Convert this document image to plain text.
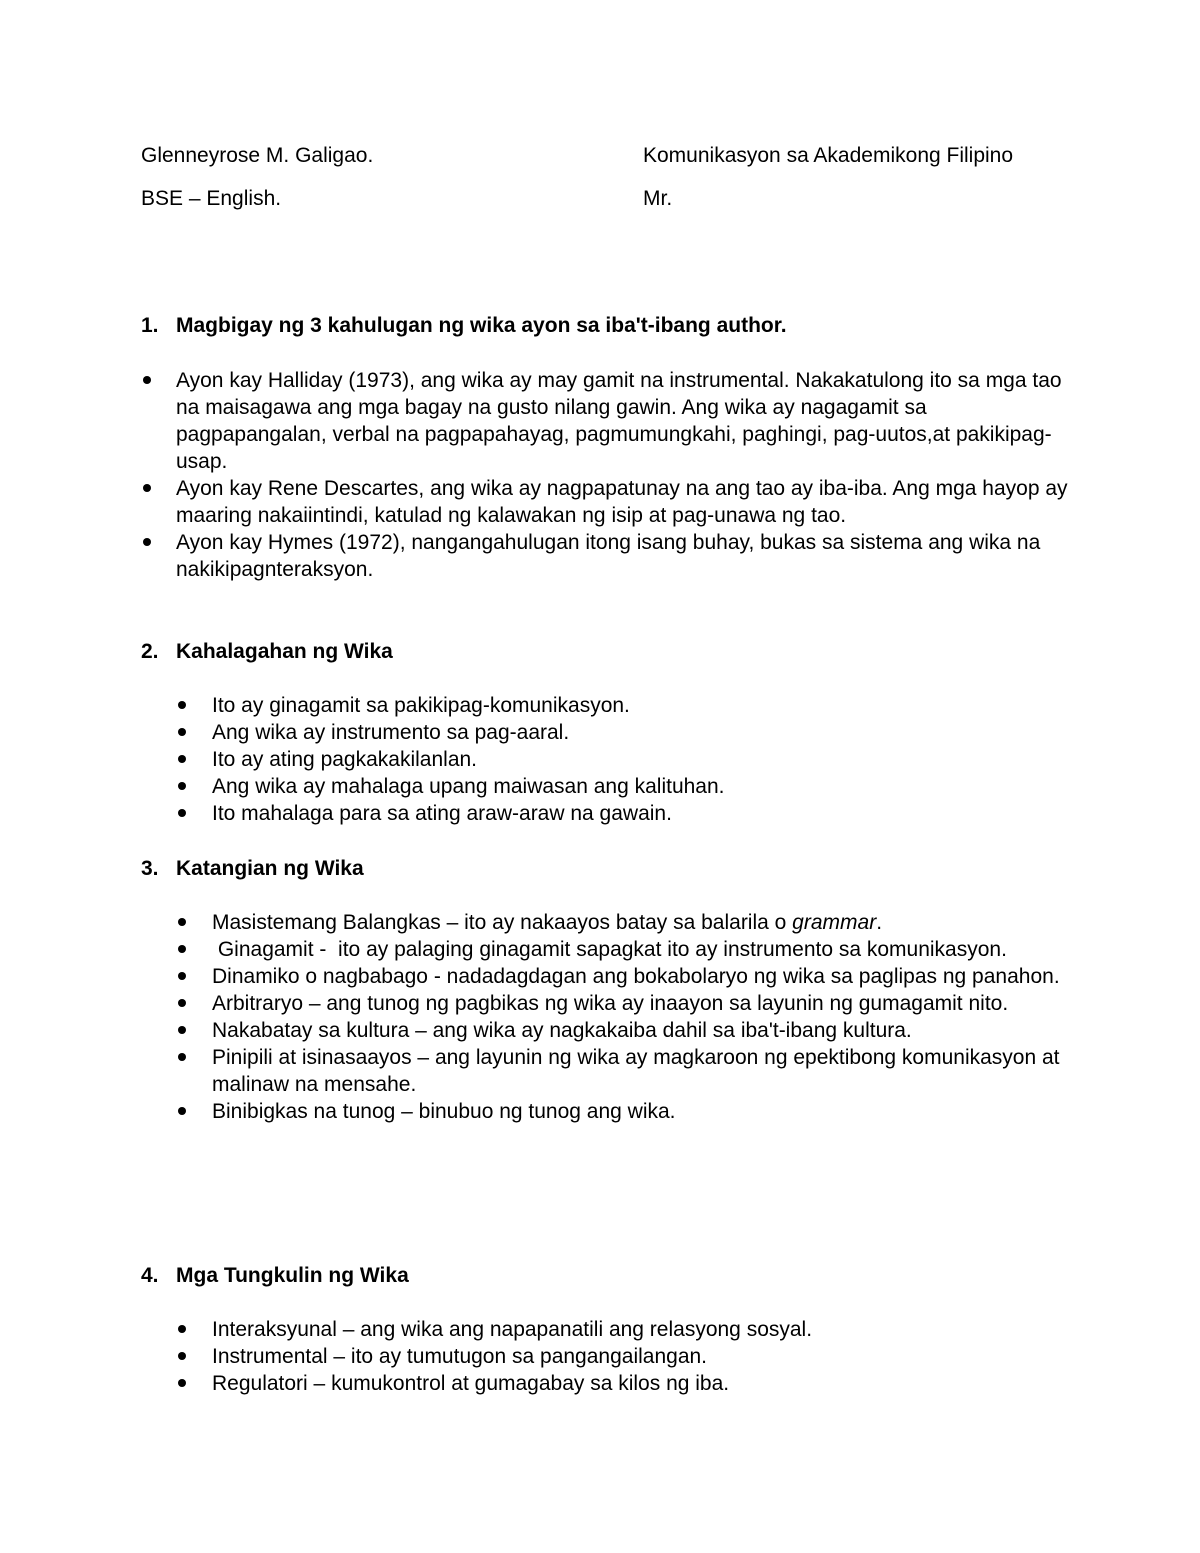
Glenneyrose M. Galigao.
BSE – English.
Komunikasyon sa Akademikong Filipino
Mr.
1. Magbigay ng 3 kahulugan ng wika ayon sa iba't-ibang author.
Ayon kay Halliday (1973), ang wika ay may gamit na instrumental. Nakakatulong ito sa mga tao na maisagawa ang mga bagay na gusto nilang gawin. Ang wika ay nagagamit sa pagpapangalan, verbal na pagpapahayag, pagmumungkahi, paghingi, pag-uutos,at pakikipag-usap.
Ayon kay Rene Descartes, ang wika ay nagpapatunay na ang tao ay iba-iba. Ang mga hayop ay maaring nakaiintindi, katulad ng kalawakan ng isip at pag-unawa ng tao.
Ayon kay Hymes (1972), nangangahulugan itong isang buhay, bukas sa sistema ang wika na nakikipagnteraksyon.
2. Kahalagahan ng Wika
Ito ay ginagamit sa pakikipag-komunikasyon.
Ang wika ay instrumento sa pag-aaral.
Ito ay ating pagkakakilanlan.
Ang wika ay mahalaga upang maiwasan ang kalituhan.
Ito mahalaga para sa ating araw-araw na gawain.
3. Katangian ng Wika
Masistemang Balangkas – ito ay nakaayos batay sa balarila o grammar.
Ginagamit -  ito ay palaging ginagamit sapagkat ito ay instrumento sa komunikasyon.
Dinamiko o nagbabago - nadadagdagan ang bokabolaryo ng wika sa paglipas ng panahon.
Arbitraryo – ang tunog ng pagbikas ng wika ay inaayon sa layunin ng gumagamit nito.
Nakabatay sa kultura – ang wika ay nagkakaiba dahil sa iba't-ibang kultura.
Pinipili at isinasaayos – ang layunin ng wika ay magkaroon ng epektibong komunikasyon at malinaw na mensahe.
Binibigkas na tunog – binubuo ng tunog ang wika.
4. Mga Tungkulin ng Wika
Interaksyunal – ang wika ang napapanatili ang relasyong sosyal.
Instrumental – ito ay tumutugon sa pangangailangan.
Regulatori – kumukontrol at gumagabay sa kilos ng iba.
